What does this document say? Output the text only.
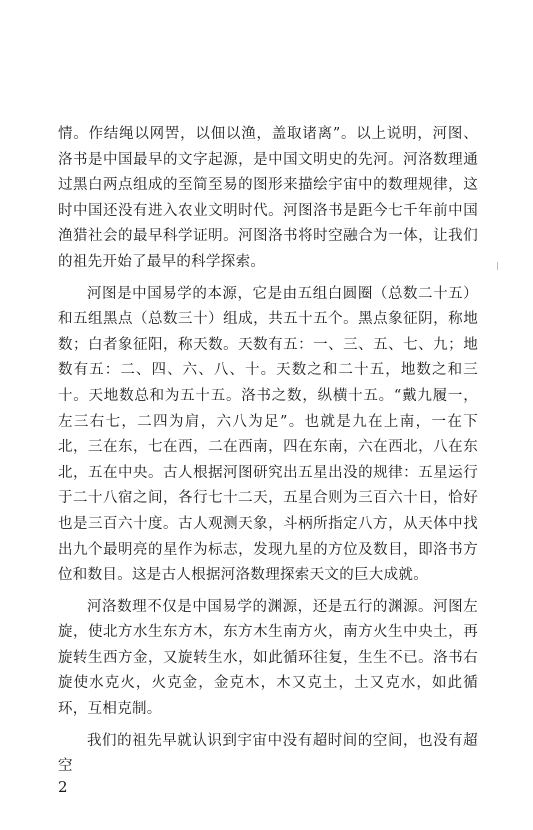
情。作结绳以网罟，以佃以渔，盖取诸离”。以上说明，河图、洛书是中国最早的文字起源，是中国文明史的先河。河洛数理通过黑白两点组成的至简至易的图形来描绘宇宙中的数理规律，这时中国还没有进入农业文明时代。河图洛书是距今七千年前中国渔猎社会的最早科学证明。河图洛书将时空融合为一体，让我们的祖先开始了最早的科学探索。

河图是中国易学的本源，它是由五组白圆圈（总数二十五）和五组黑点（总数三十）组成，共五十五个。黑点象征阴，称地数；白者象征阳，称天数。天数有五：一、三、五、七、九；地数有五：二、四、六、八、十。天数之和二十五，地数之和三十。天地数总和为五十五。洛书之数，纵横十五。“戴九履一，左三右七，二四为肩，六八为足”。也就是九在上南，一在下北，三在东，七在西，二在西南，四在东南，六在西北，八在东北，五在中央。古人根据河图研究出五星出没的规律：五星运行于二十八宿之间，各行七十二天，五星合则为三百六十日，恰好也是三百六十度。古人观测天象，斗柄所指定八方，从天体中找出九个最明亮的星作为标志，发现九星的方位及数目，即洛书方位和数目。这是古人根据河洛数理探索天文的巨大成就。

河洛数理不仅是中国易学的渊源，还是五行的渊源。河图左旋，使北方水生东方木，东方木生南方火，南方火生中央土，再旋转生西方金，又旋转生水，如此循环往复，生生不已。洛书右旋使水克火，火克金，金克木，木又克土，土又克水，如此循环，互相克制。

我们的祖先早就认识到宇宙中没有超时间的空间，也没有超空

2
